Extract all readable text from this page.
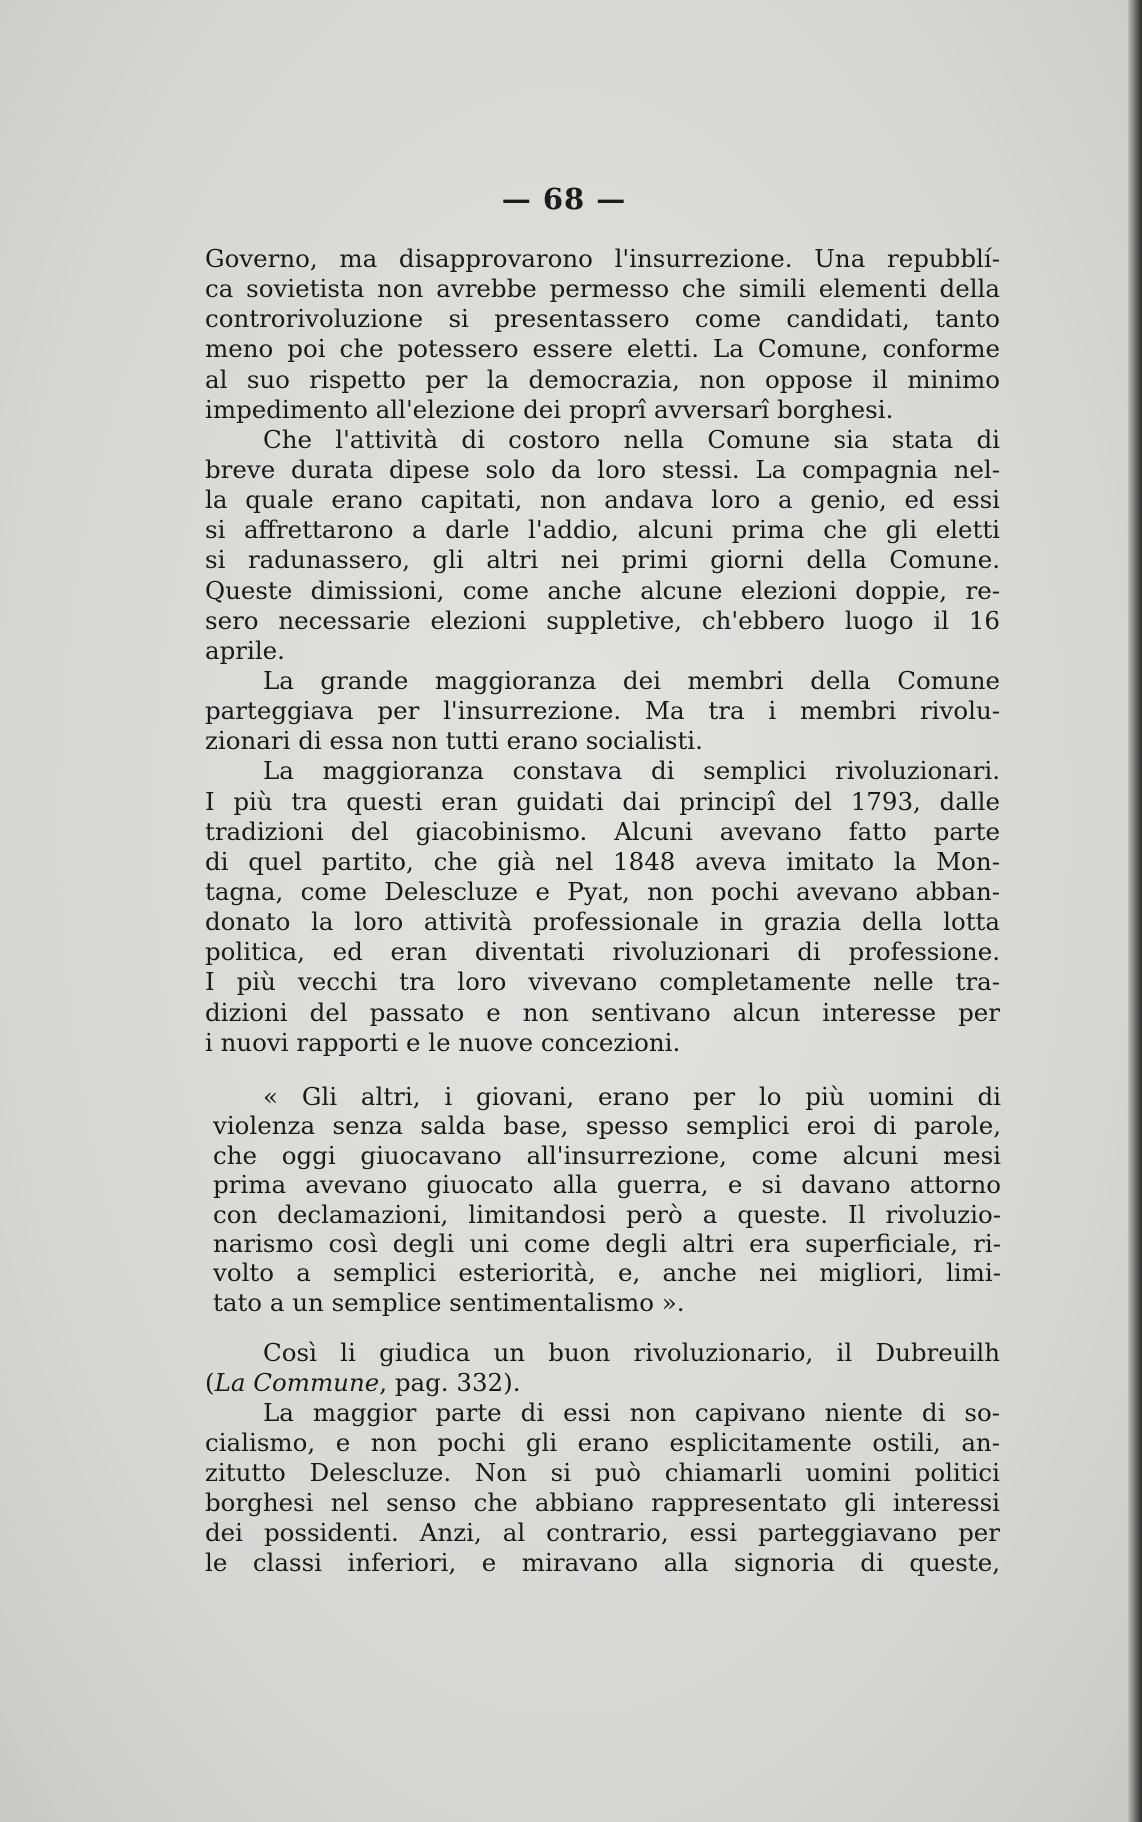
— 68 —
Governo, ma disapprovarono l'insurrezione. Una repubblí-
ca sovietista non avrebbe permesso che simili elementi della
controrivoluzione si presentassero come candidati, tanto
meno poi che potessero essere eletti. La Comune, conforme
al suo rispetto per la democrazia, non oppose il minimo
impedimento all'elezione dei proprî avversarî borghesi.
Che l'attività di costoro nella Comune sia stata di
breve durata dipese solo da loro stessi. La compagnia nel-
la quale erano capitati, non andava loro a genio, ed essi
si affrettarono a darle l'addio, alcuni prima che gli eletti
si radunassero, gli altri nei primi giorni della Comune.
Queste dimissioni, come anche alcune elezioni doppie, re-
sero necessarie elezioni suppletive, ch'ebbero luogo il 16
aprile.
La grande maggioranza dei membri della Comune
parteggiava per l'insurrezione. Ma tra i membri rivolu-
zionari di essa non tutti erano socialisti.
La maggioranza constava di semplici rivoluzionari.
I più tra questi eran guidati dai principî del 1793, dalle
tradizioni del giacobinismo. Alcuni avevano fatto parte
di quel partito, che già nel 1848 aveva imitato la Mon-
tagna, come Delescluze e Pyat, non pochi avevano abban-
donato la loro attività professionale in grazia della lotta
politica, ed eran diventati rivoluzionari di professione.
I più vecchi tra loro vivevano completamente nelle tra-
dizioni del passato e non sentivano alcun interesse per
i nuovi rapporti e le nuove concezioni.
« Gli altri, i giovani, erano per lo più uomini di
violenza senza salda base, spesso semplici eroi di parole,
che oggi giuocavano all'insurrezione, come alcuni mesi
prima avevano giuocato alla guerra, e si davano attorno
con declamazioni, limitandosi però a queste. Il rivoluzio-
narismo così degli uni come degli altri era superficiale, ri-
volto a semplici esteriorità, e, anche nei migliori, limi-
tato a un semplice sentimentalismo ».
Così li giudica un buon rivoluzionario, il Dubreuilh
(La Commune, pag. 332).
La maggior parte di essi non capivano niente di so-
cialismo, e non pochi gli erano esplicitamente ostili, an-
zitutto Delescluze. Non si può chiamarli uomini politici
borghesi nel senso che abbiano rappresentato gli interessi
dei possidenti. Anzi, al contrario, essi parteggiavano per
le classi inferiori, e miravano alla signoria di queste,
